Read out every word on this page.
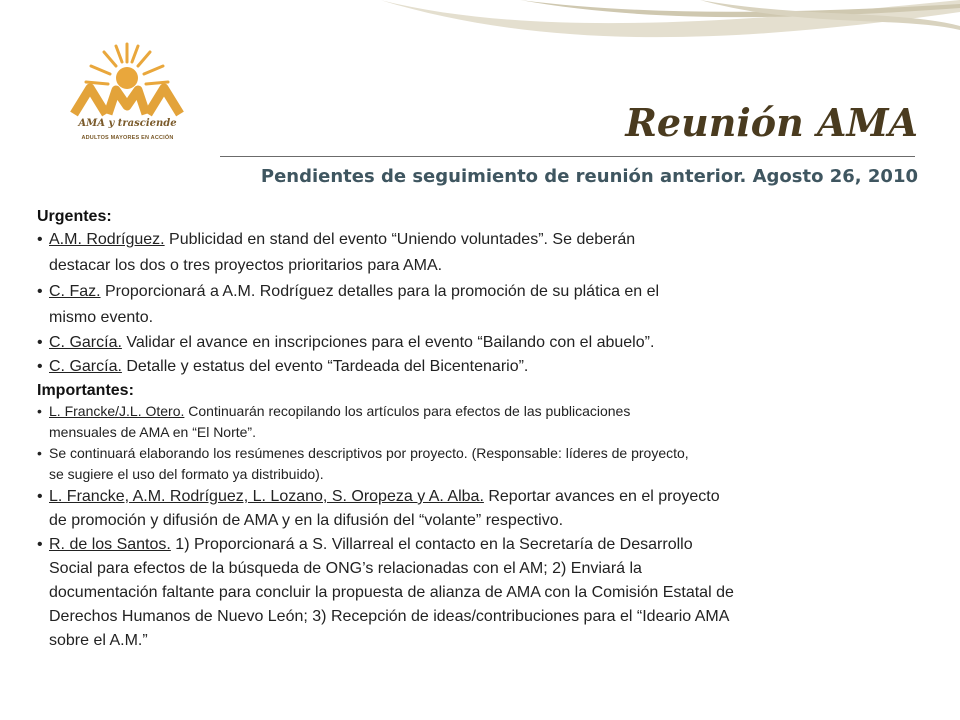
AMA y trasciende
ADULTOS MAYORES EN ACCIÓN	Reunión AMA
Pendientes de seguimiento de reunión anterior. Agosto 26, 2010

Urgentes:

• A.M. Rodríguez. Publicidad en stand del evento “Uniendo voluntades”. Se deberán
destacar los dos o tres proyectos prioritarios para AMA.
• C. Faz. Proporcionará a A.M. Rodríguez detalles para la promoción de su plática en el
mismo evento.
• C. García. Validar el avance en inscripciones para el evento “Bailando con el abuelo”.
• C. García. Detalle y estatus del evento “Tardeada del Bicentenario”.

Importantes:

• L. Francke/J.L. Otero. Continuarán recopilando los artículos para efectos de las publicaciones
mensuales de AMA en “El Norte”.
• Se continuará elaborando los resúmenes descriptivos por proyecto. (Responsable: líderes de proyecto,
se sugiere el uso del formato ya distribuido).
• L. Francke, A.M. Rodríguez, L. Lozano, S. Oropeza y A. Alba. Reportar avances en el proyecto
de promoción y difusión de AMA y en la difusión del “volante” respectivo.
• R. de los Santos. 1) Proporcionará a S. Villarreal el contacto en la Secretaría de Desarrollo
Social para efectos de la búsqueda de ONG’s relacionadas con el AM; 2) Enviará la
documentación faltante para concluir la propuesta de alianza de AMA con la Comisión Estatal de
Derechos Humanos de Nuevo León; 3) Recepción de ideas/contribuciones para el “Ideario AMA
sobre el A.M.”
